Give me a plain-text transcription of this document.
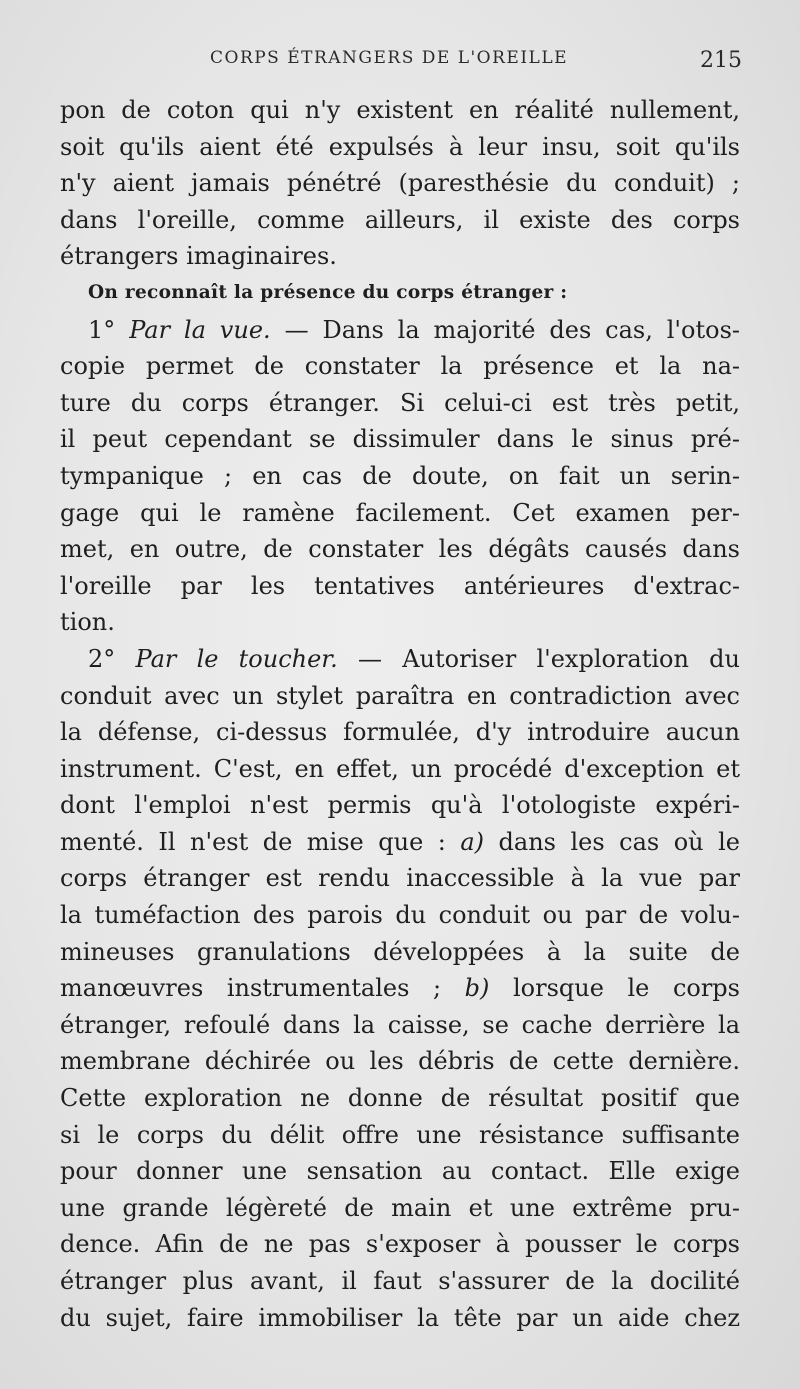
CORPS ÉTRANGERS DE L'OREILLE	215
pon de coton qui n'y existent en réalité nullement,
soit qu'ils aient été expulsés à leur insu, soit qu'ils
n'y aient jamais pénétré (paresthésie du conduit) ;
dans l'oreille, comme ailleurs, il existe des corps
étrangers imaginaires.
On reconnaît la présence du corps étranger :
1° Par la vue. — Dans la majorité des cas, l'otos-
copie permet de constater la présence et la na-
ture du corps étranger. Si celui-ci est très petit,
il peut cependant se dissimuler dans le sinus pré-
tympanique ; en cas de doute, on fait un serin-
gage qui le ramène facilement. Cet examen per-
met, en outre, de constater les dégâts causés dans
l'oreille par les tentatives antérieures d'extrac-
tion.
2° Par le toucher. — Autoriser l'exploration du
conduit avec un stylet paraîtra en contradiction avec
la défense, ci-dessus formulée, d'y introduire aucun
instrument. C'est, en effet, un procédé d'exception et
dont l'emploi n'est permis qu'à l'otologiste expéri-
menté. Il n'est de mise que : a) dans les cas où le
corps étranger est rendu inaccessible à la vue par
la tuméfaction des parois du conduit ou par de volu-
mineuses granulations développées à la suite de
manœuvres instrumentales ; b) lorsque le corps
étranger, refoulé dans la caisse, se cache derrière la
membrane déchirée ou les débris de cette dernière.
Cette exploration ne donne de résultat positif que
si le corps du délit offre une résistance suffisante
pour donner une sensation au contact. Elle exige
une grande légèreté de main et une extrême pru-
dence. Afin de ne pas s'exposer à pousser le corps
étranger plus avant, il faut s'assurer de la docilité
du sujet, faire immobiliser la tête par un aide chez
